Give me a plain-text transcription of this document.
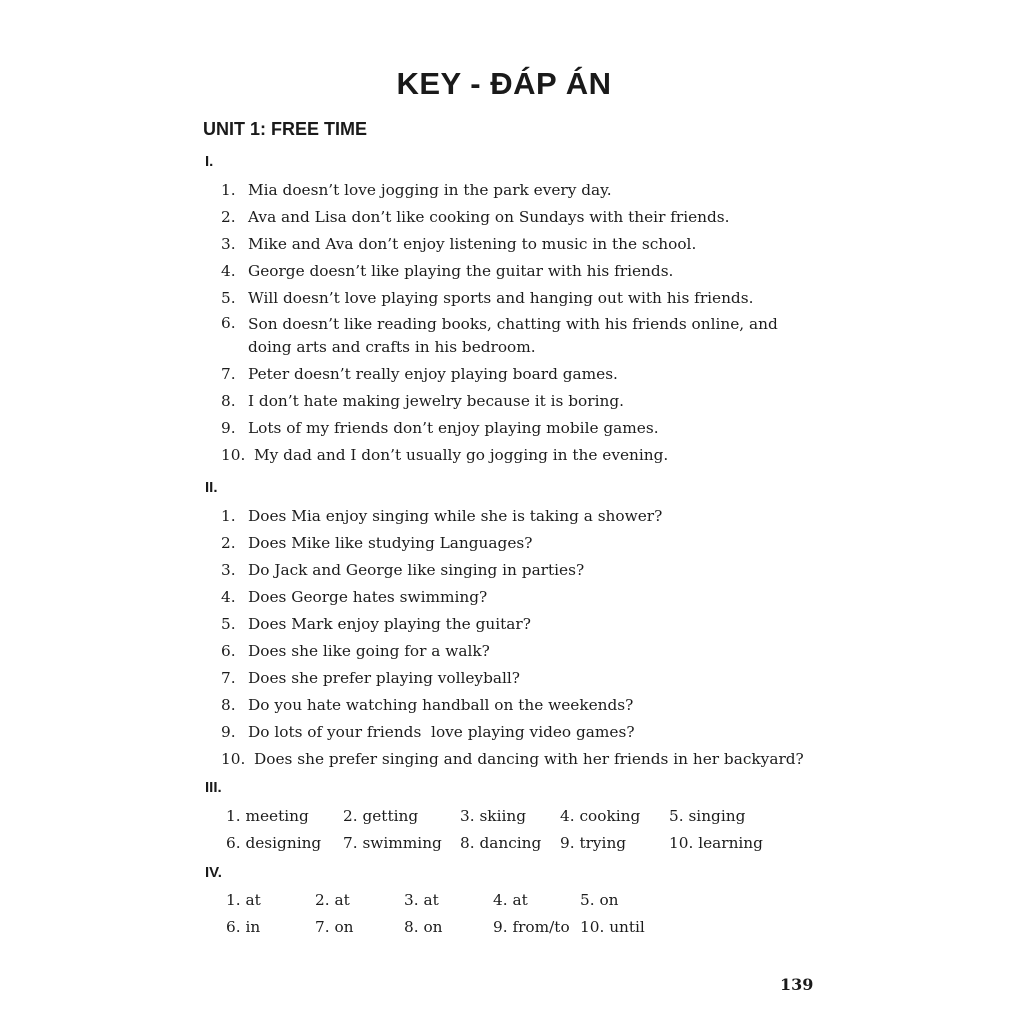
KEY - ĐÁP ÁN
UNIT 1: FREE TIME
I.
1. Mia doesn’t love jogging in the park every day.
2. Ava and Lisa don’t like cooking on Sundays with their friends.
3. Mike and Ava don’t enjoy listening to music in the school.
4. George doesn’t like playing the guitar with his friends.
5. Will doesn’t love playing sports and hanging out with his friends.
6. Son doesn’t like reading books, chatting with his friends online, and doing arts and crafts in his bedroom.
7. Peter doesn’t really enjoy playing board games.
8. I don’t hate making jewelry because it is boring.
9. Lots of my friends don’t enjoy playing mobile games.
10. My dad and I don’t usually go jogging in the evening.
II.
1. Does Mia enjoy singing while she is taking a shower?
2. Does Mike like studying Languages?
3. Do Jack and George like singing in parties?
4. Does George hates swimming?
5. Does Mark enjoy playing the guitar?
6. Does she like going for a walk?
7. Does she prefer playing volleyball?
8. Do you hate watching handball on the weekends?
9. Do lots of your friends  love playing video games?
10. Does she prefer singing and dancing with her friends in her backyard?
III.
1. meeting 2. getting	3. skiing 4. cooking 5. singing
6. designing 7. swimming 8. dancing 9. trying	10. learning
IV.
1. at	2. at	3. at	4. at	5. on
6. in	7. on	8. on	9. from/to 10. until
139
